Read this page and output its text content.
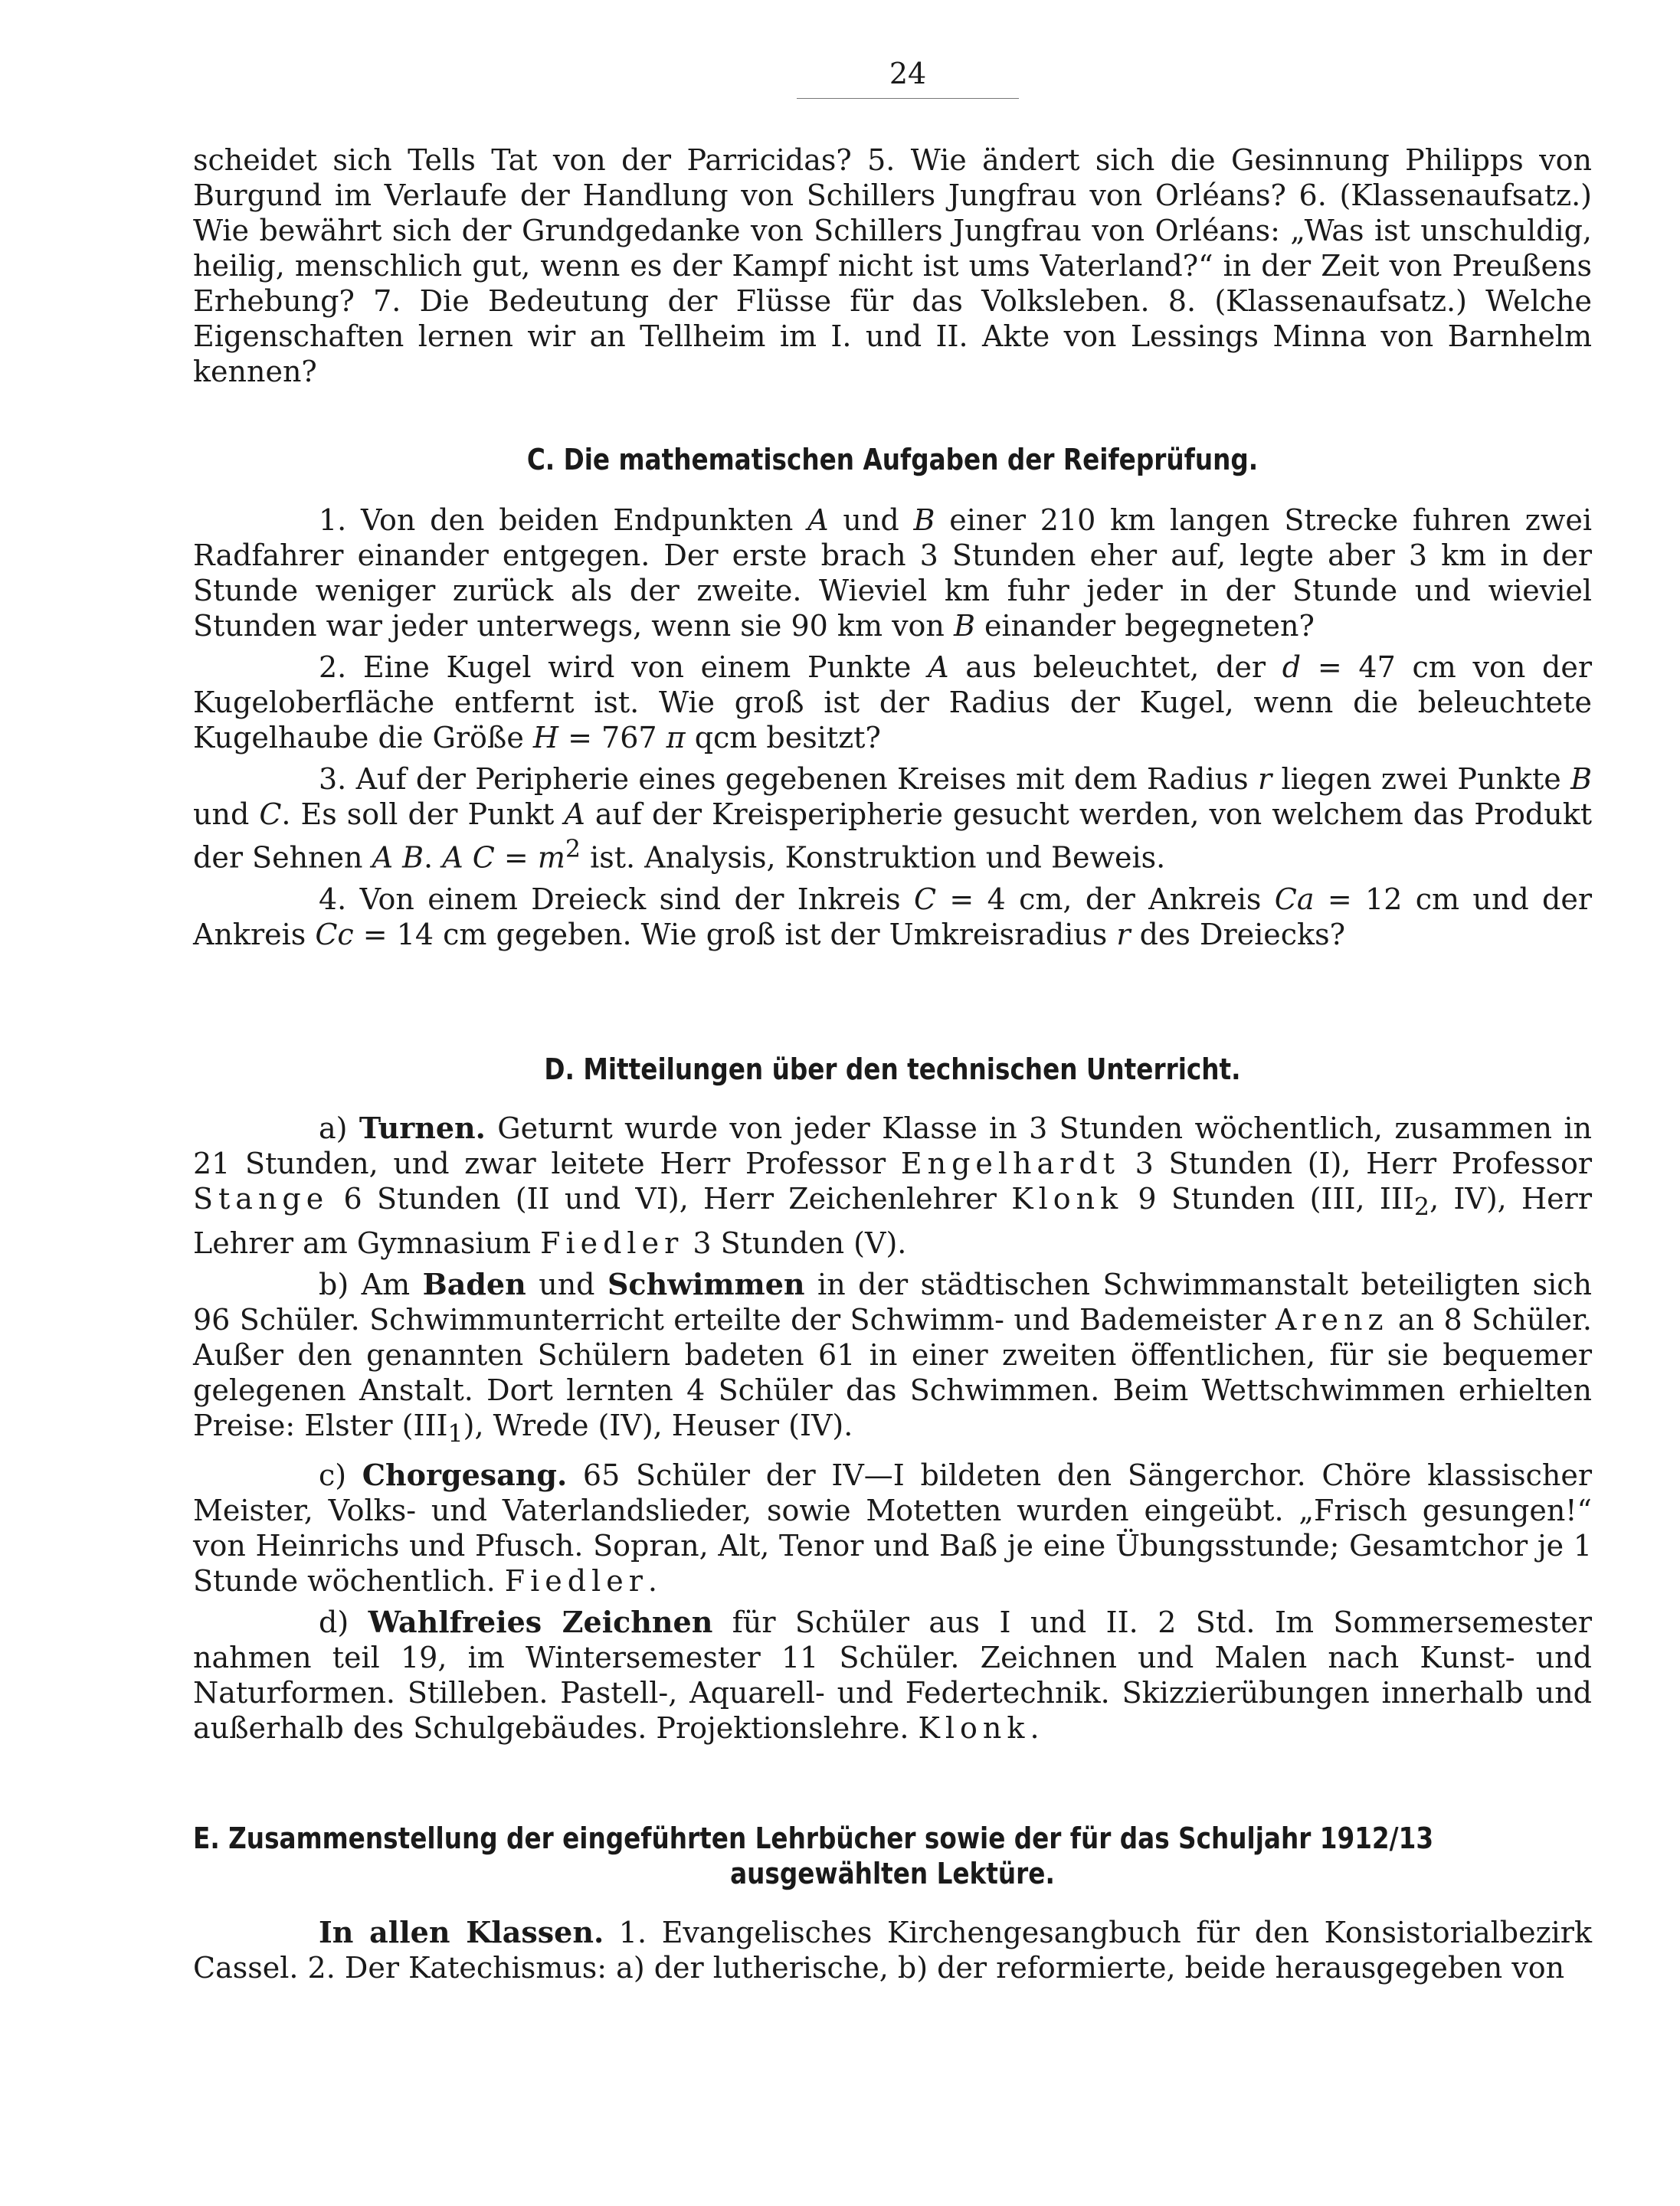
24
scheidet sich Tells Tat von der Parricidas? 5. Wie ändert sich die Gesinnung Philipps von
Burgund im Verlaufe der Handlung von Schillers Jungfrau von Orléans? 6. (Klassenaufsatz.)
Wie bewährt sich der Grundgedanke von Schillers Jungfrau von Orléans: „Was ist unschuldig,
heilig, menschlich gut, wenn es der Kampf nicht ist ums Vaterland?“ in der Zeit von Preußens
Erhebung? 7. Die Bedeutung der Flüsse für das Volksleben. 8. (Klassenaufsatz.) Welche
Eigenschaften lernen wir an Tellheim im I. und II. Akte von Lessings Minna von Barnhelm kennen?
C. Die mathematischen Aufgaben der Reifeprüfung.

1. Von den beiden Endpunkten A und B einer 210 km langen Strecke fuhren zwei Radfahrer einander entgegen. Der erste brach 3 Stunden eher auf, legte aber 3 km in der Stunde weniger zurück als der zweite. Wieviel km fuhr jeder in der Stunde und wieviel Stunden war jeder unterwegs, wenn sie 90 km von B einander begegneten?

2. Eine Kugel wird von einem Punkte A aus beleuchtet, der d = 47 cm von der Kugeloberfläche entfernt ist. Wie groß ist der Radius der Kugel, wenn die beleuchtete Kugelhaube die Größe H = 767 π qcm besitzt?

3. Auf der Peripherie eines gegebenen Kreises mit dem Radius r liegen zwei Punkte B und C. Es soll der Punkt A auf der Kreisperipherie gesucht werden, von welchem das Produkt der Sehnen A B. A $C = m^2$ ist. Analysis, Konstruktion und Beweis.

4. Von einem Dreieck sind der Inkreis C = 4 cm, der Ankreis Ca = 12 cm und der Ankreis Cc = 14 cm gegeben. Wie groß ist der Umkreisradius r des Dreiecks?

D. Mitteilungen über den technischen Unterricht.

a) Turnen. Geturnt wurde von jeder Klasse in 3 Stunden wöchentlich, zusammen in 21 Stunden, und zwar leitete Herr Professor Engelhardt 3 Stunden (I), Herr Professor Stange 6 Stunden (II und VI), Herr Zeichenlehrer Klonk 9 Stunden (III, $III_2$, IV), Herr Lehrer am Gymnasium Fiedler 3 Stunden (V).

b) Am Baden und Schwimmen in der städtischen Schwimmanstalt beteiligten sich 96 Schüler. Schwimmunterricht erteilte der Schwimm- und Bademeister Arenz an 8 Schüler. Außer den genannten Schülern badeten 61 in einer zweiten öffentlichen, für sie bequemer gelegenen Anstalt. Dort lernten 4 Schüler das Schwimmen. Beim Wettschwimmen erhielten Preise: Elster $(III_1)$, Wrede (IV), Heuser (IV).

c) Chorgesang. 65 Schüler der IV—I bildeten den Sängerchor. Chöre klassischer Meister, Volks- und Vaterlandslieder, sowie Motetten wurden eingeübt. „Frisch gesungen!“ von Heinrichs und Pfusch. Sopran, Alt, Tenor und Baß je eine Übungsstunde; Gesamtchor je 1 Stunde wöchentlich. Fiedler.

d) Wahlfreies Zeichnen für Schüler aus I und II. 2 Std. Im Sommersemester nahmen teil 19, im Wintersemester 11 Schüler. Zeichnen und Malen nach Kunst- und Naturformen. Stilleben. Pastell-, Aquarell- und Federtechnik. Skizzierübungen innerhalb und außerhalb des Schulgebäudes. Projektionslehre. Klonk.

E. Zusammenstellung der eingeführten Lehrbücher sowie der für das Schuljahr 1912/13
ausgewählten Lektüre.

In allen Klassen. 1. Evangelisches Kirchengesangbuch für den Konsistorialbezirk Cassel. 2. Der Katechismus: a) der lutherische, b) der reformierte, beide herausgegeben von
